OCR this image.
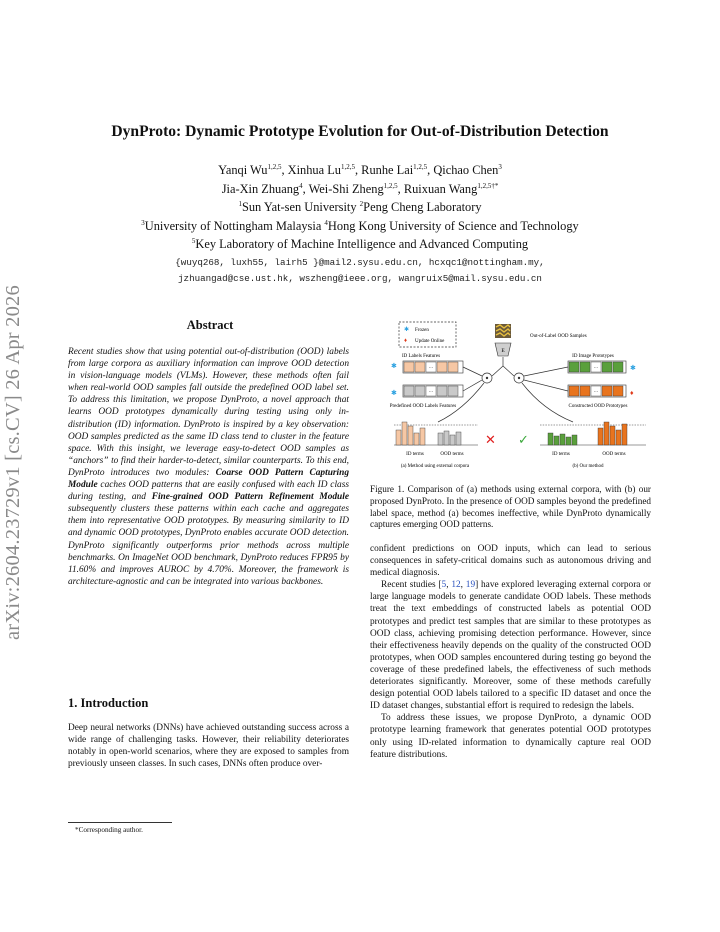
arXiv:2604.23729v1 [cs.CV] 26 Apr 2026
DynProto: Dynamic Prototype Evolution for Out-of-Distribution Detection
Yanqi Wu$^{1,2,5}$, Xinhua Lu$^{1,2,5}$, Runhe Lai$^{1,2,5}$, Qichao Chen$^3$
Jia-Xin Zhuang$^4$, Wei-Shi Zheng$^{1,2,5}$, Ruixuan Wang$^{1,2,5\dagger*}$
$^1$Sun Yat-sen University $^2$Peng Cheng Laboratory
$^3$University of Nottingham Malaysia $^4$Hong Kong University of Science and Technology
$^5$Key Laboratory of Machine Intelligence and Advanced Computing
{wuyq268, luxh55, lairh5 }@mail2.sysu.edu.cn, hcxqc1@nottingham.my,
jzhuangad@cse.ust.hk, wszheng@ieee.org, wangruix5@mail.sysu.edu.cn
Abstract
Recent studies show that using potential out-of-distribution (OOD) labels from large corpora as auxiliary information can improve OOD detection in vision-language models (VLMs). However, these methods often fail when real-world OOD samples fall outside the predefined OOD label set. To address this limitation, we propose DynProto, a novel approach that learns OOD prototypes dynamically during testing using only in-distribution (ID) information. DynProto is inspired by a key observation: OOD samples predicted as the same ID class tend to cluster in the feature space. With this insight, we leverage easy-to-detect OOD samples as “anchors” to find their harder-to-detect, similar counterparts. To this end, DynProto introduces two modules: Coarse OOD Pattern Capturing Module caches OOD patterns that are easily confused with each ID class during testing, and Fine-grained OOD Pattern Refinement Module subsequently clusters these patterns within each cache and aggregates them into representative OOD prototypes. By measuring similarity to ID and dynamic OOD prototypes, DynProto enables accurate OOD detection. DynProto significantly outperforms prior methods across multiple benchmarks. On ImageNet OOD benchmark, DynProto reduces FPR95 by 11.60% and improves AUROC by 4.70%. Moreover, the framework is architecture-agnostic and can be integrated into various backbones.
1. Introduction
Deep neural networks (DNNs) have achieved outstanding success across a wide range of challenging tasks. However, their reliability deteriorates notably in open-world scenarios, where they are exposed to samples from previously unseen classes. In such cases, DNNs often produce over-
*Corresponding author.
✱ Frozen
♦ Update Online
Out-of-Label OOD Samples
E
ID Labels Features
✱	···
✱	···
Predefined OOD Labels Features
ID Image Prototypes
···	✱
···	♦
Constructed OOD Prototypes
ID terms	OOD terms
✕ ✓
ID terms	OOD terms
(a) Method using external corpora	(b) Our method
Figure 1. Comparison of (a) methods using external corpora, with (b) our proposed DynProto. In the presence of OOD samples beyond the predefined label space, method (a) becomes ineffective, while DynProto dynamically captures emerging OOD patterns.

confident predictions on OOD inputs, which can lead to serious consequences in safety-critical domains such as autonomous driving and medical diagnosis.

Recent studies [5, 12, 19] have explored leveraging external corpora or large language models to generate candidate OOD labels. These methods treat the text embeddings of constructed labels as potential OOD prototypes and predict test samples that are similar to these prototypes as OOD class, achieving promising detection performance. However, since their effectiveness heavily depends on the quality of the constructed OOD prototypes, when OOD samples encountered during testing go beyond the coverage of these predefined labels, the effectiveness of such methods deteriorates significantly. Moreover, some of these methods carefully design potential OOD labels tailored to a specific ID dataset and once the ID dataset changes, substantial effort is required to redesign the labels.

To address these issues, we propose DynProto, a dynamic OOD prototype learning framework that generates potential OOD prototypes only using ID-related information to dynamically capture real OOD feature distributions.
